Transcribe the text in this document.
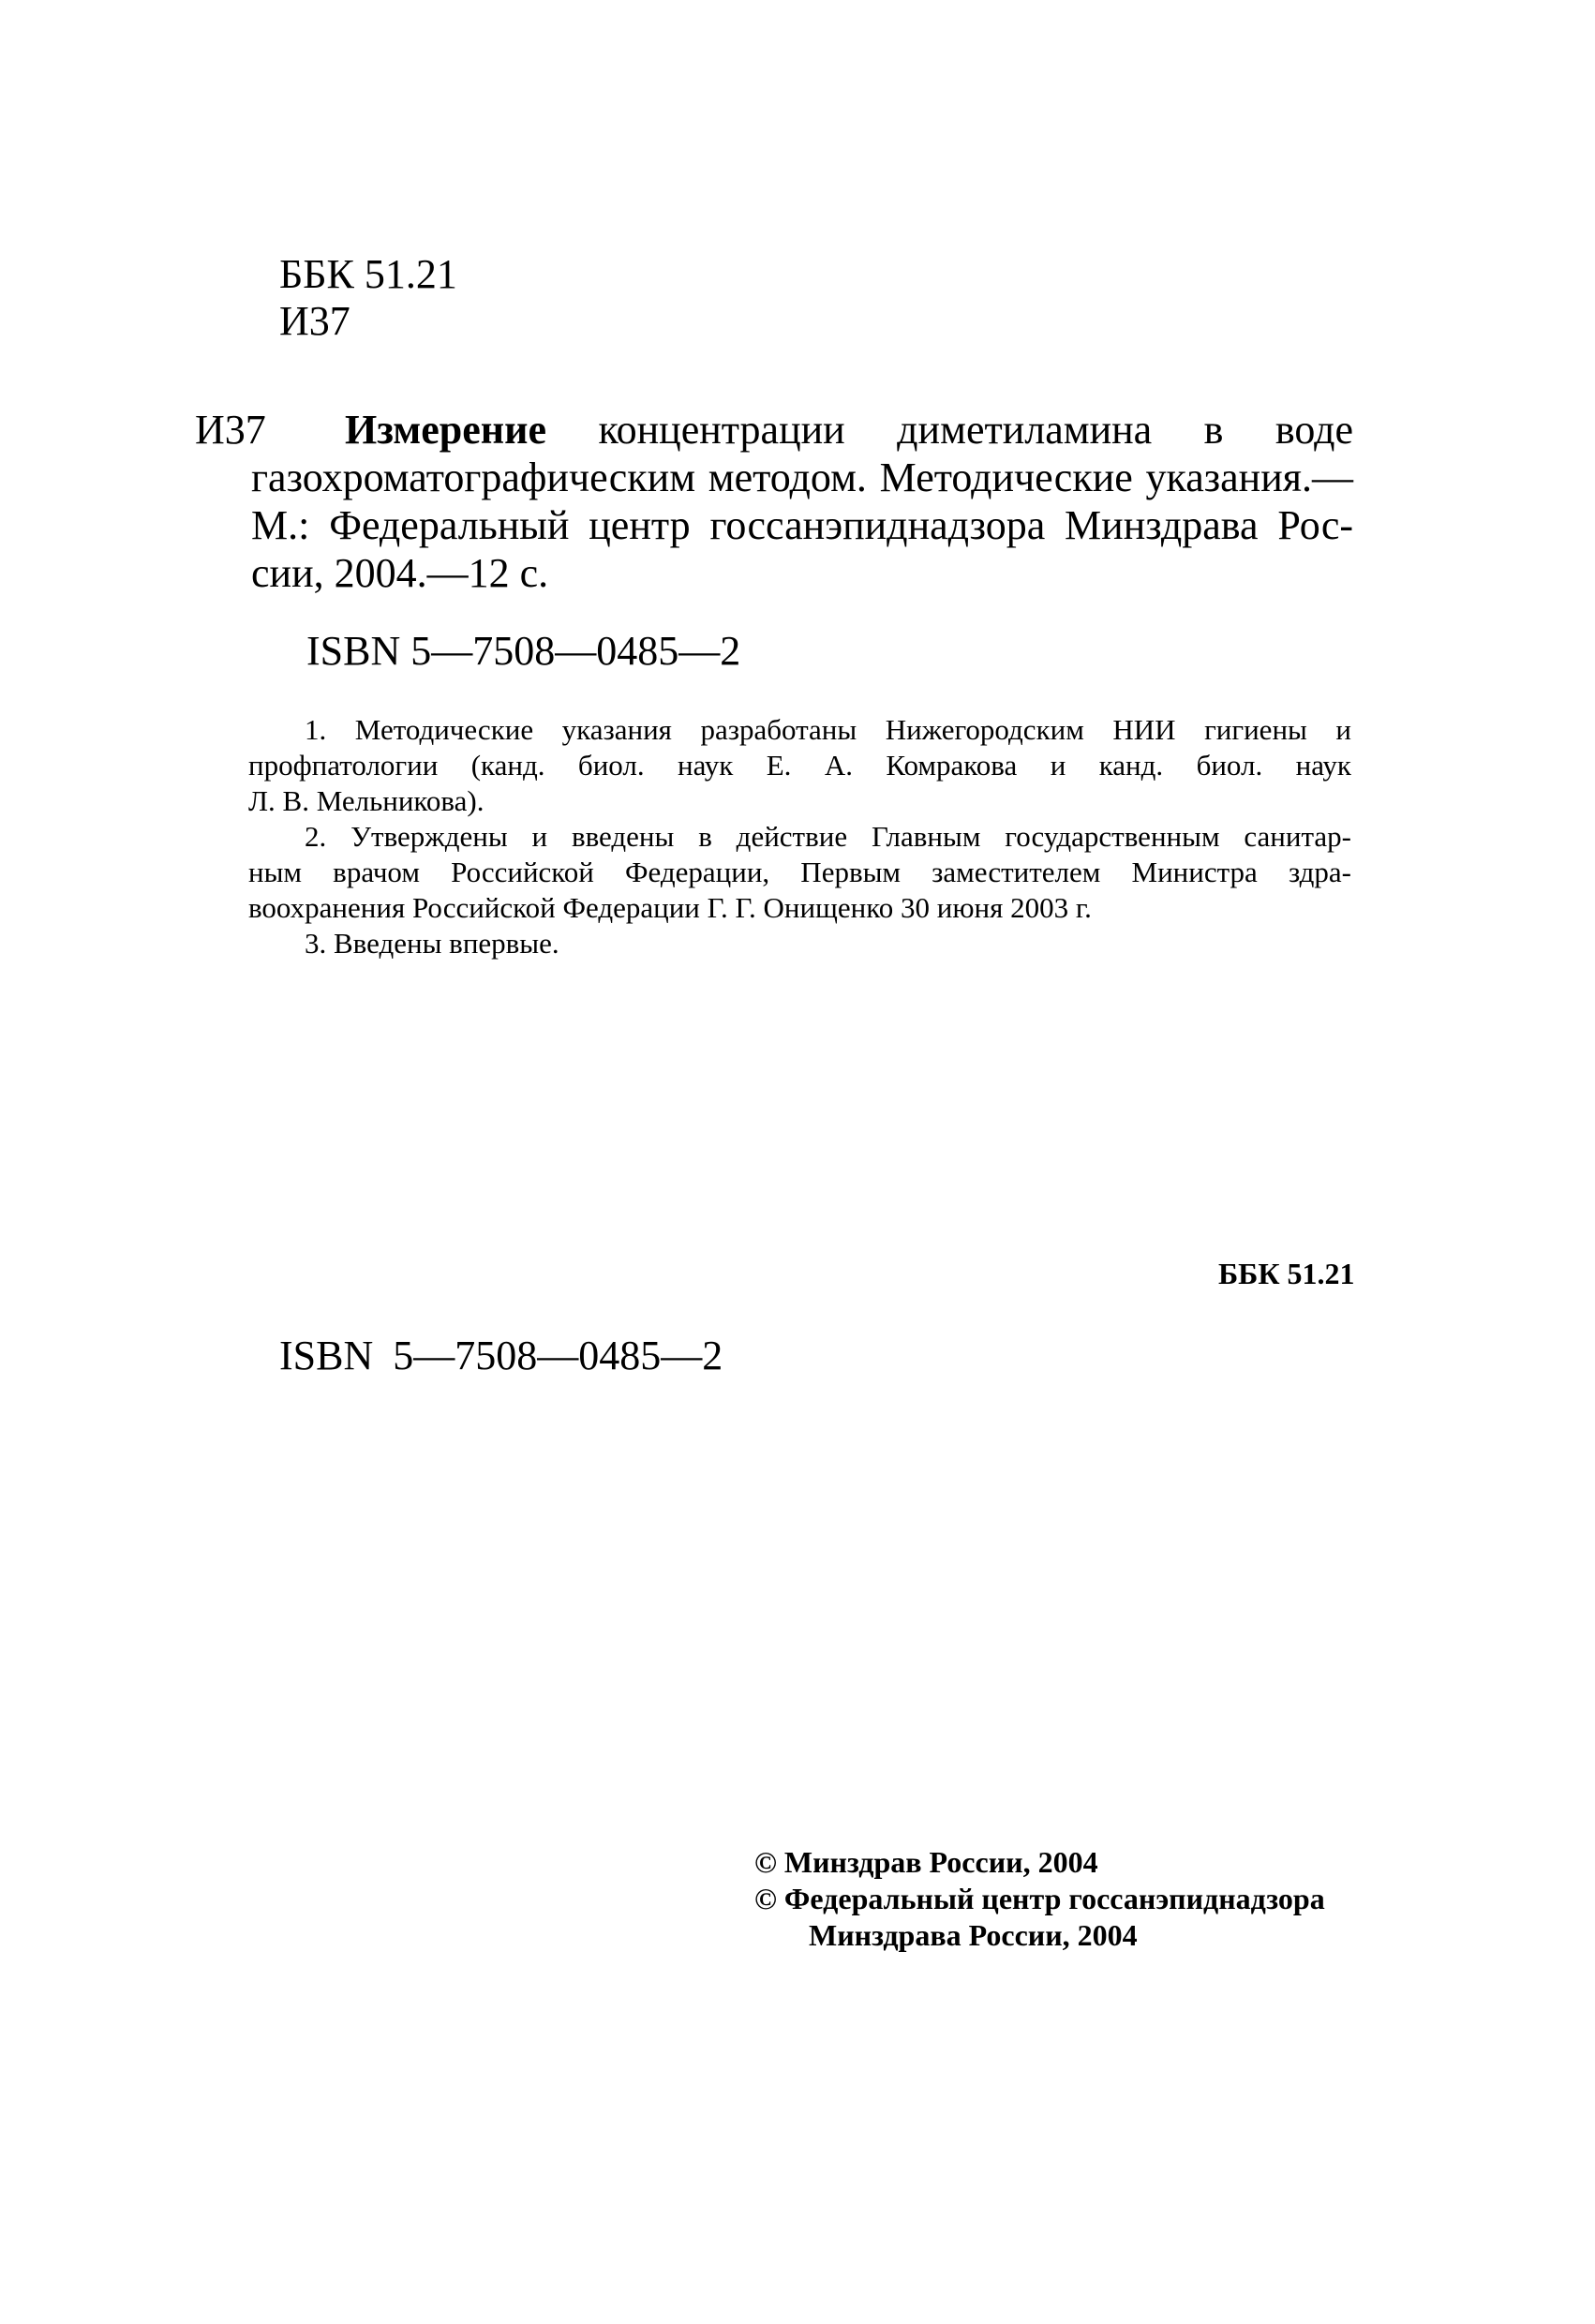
ББК 51.21
И37
И37 Измерение концентрации диметиламина в воде
газохроматографическим методом. Методические указания.—
М.: Федеральный центр госсанэпиднадзора Минздрава Рос-
сии, 2004.—12 с.
ISBN 5—7508—0485—2
1. Методические указания разработаны Нижегородским НИИ гигиены и
профпатологии (канд. биол. наук Е. А. Комракова и канд. биол. наук
Л. В. Мельникова).
2. Утверждены и введены в действие Главным государственным санитар-
ным врачом Российской Федерации, Первым заместителем Министра здра-
воохранения Российской Федерации Г. Г. Онищенко 30 июня 2003 г.
3. Введены впервые.
ББК 51.21
ISBN 5—7508—0485—2
© Минздрав России, 2004
© Федеральный центр госсанэпиднадзора
Минздрава России, 2004
